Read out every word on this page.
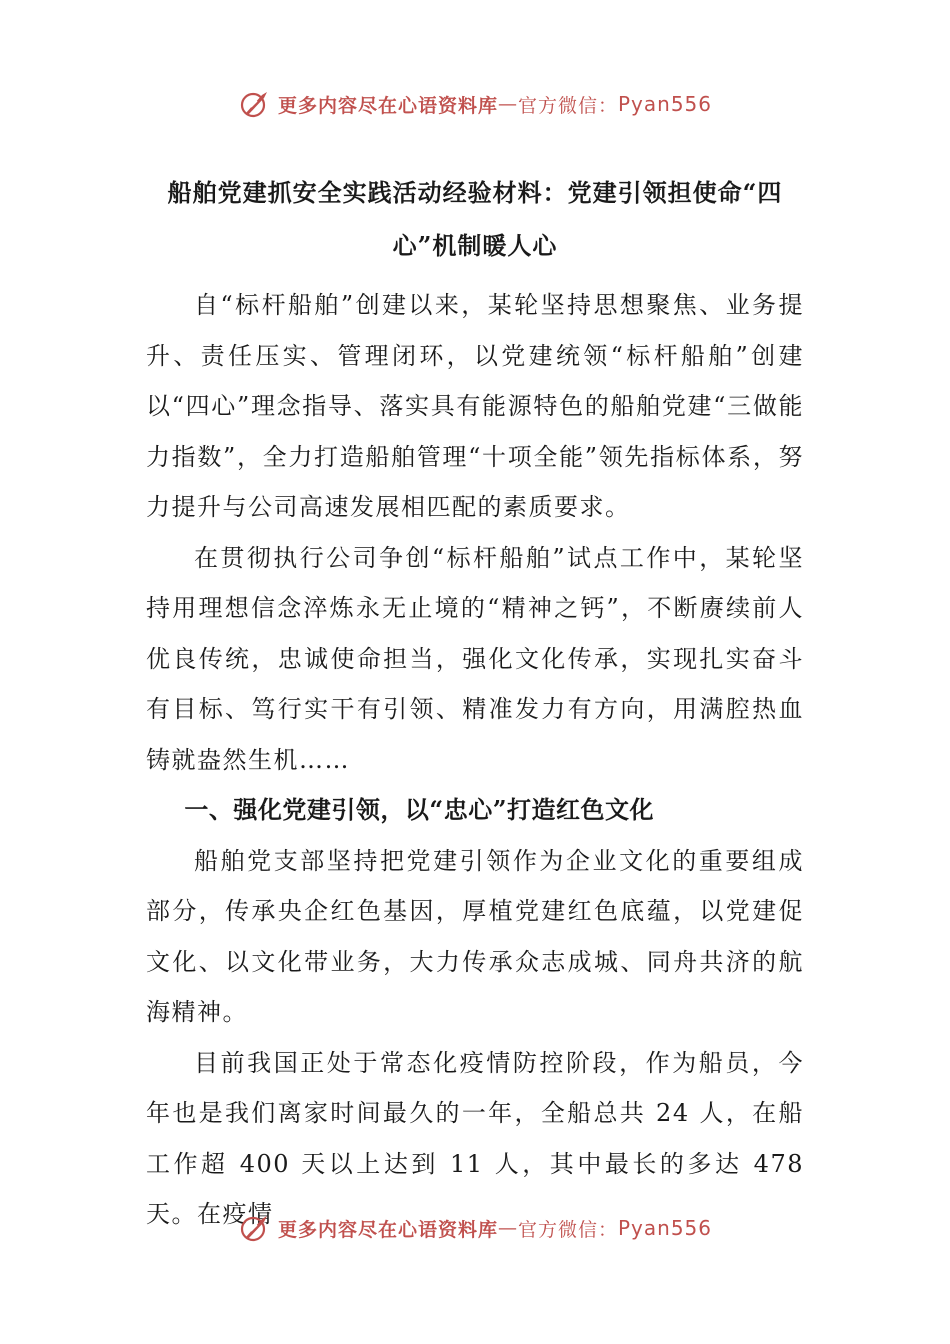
更多内容尽在心语资料库 — 官方微信： Pyan556
船舶党建抓安全实践活动经验材料：党建引领担使命“四心”机制暖人心

自“标杆船舶”创建以来，某轮坚持思想聚焦、业务提升、责任压实、管理闭环，以党建统领“标杆船舶”创建以“四心”理念指导、落实具有能源特色的船舶党建“三做能力指数”，全力打造船舶管理“十项全能”领先指标体系，努力提升与公司高速发展相匹配的素质要求。

在贯彻执行公司争创“标杆船舶”试点工作中，某轮坚持用理想信念淬炼永无止境的“精神之钙”，不断赓续前人优良传统，忠诚使命担当，强化文化传承，实现扎实奋斗有目标、笃行实干有引领、精准发力有方向，用满腔热血铸就盎然生机……

一、强化党建引领，以“忠心”打造红色文化

船舶党支部坚持把党建引领作为企业文化的重要组成部分，传承央企红色基因，厚植党建红色底蕴，以党建促文化、以文化带业务，大力传承众志成城、同舟共济的航海精神。

目前我国正处于常态化疫情防控阶段，作为船员，今年也是我们离家时间最久的一年，全船总共 24 人，在船工作超 400 天以上达到 11 人，其中最长的多达 478 天。在疫情

更多内容尽在心语资料库 — 官方微信： Pyan556
